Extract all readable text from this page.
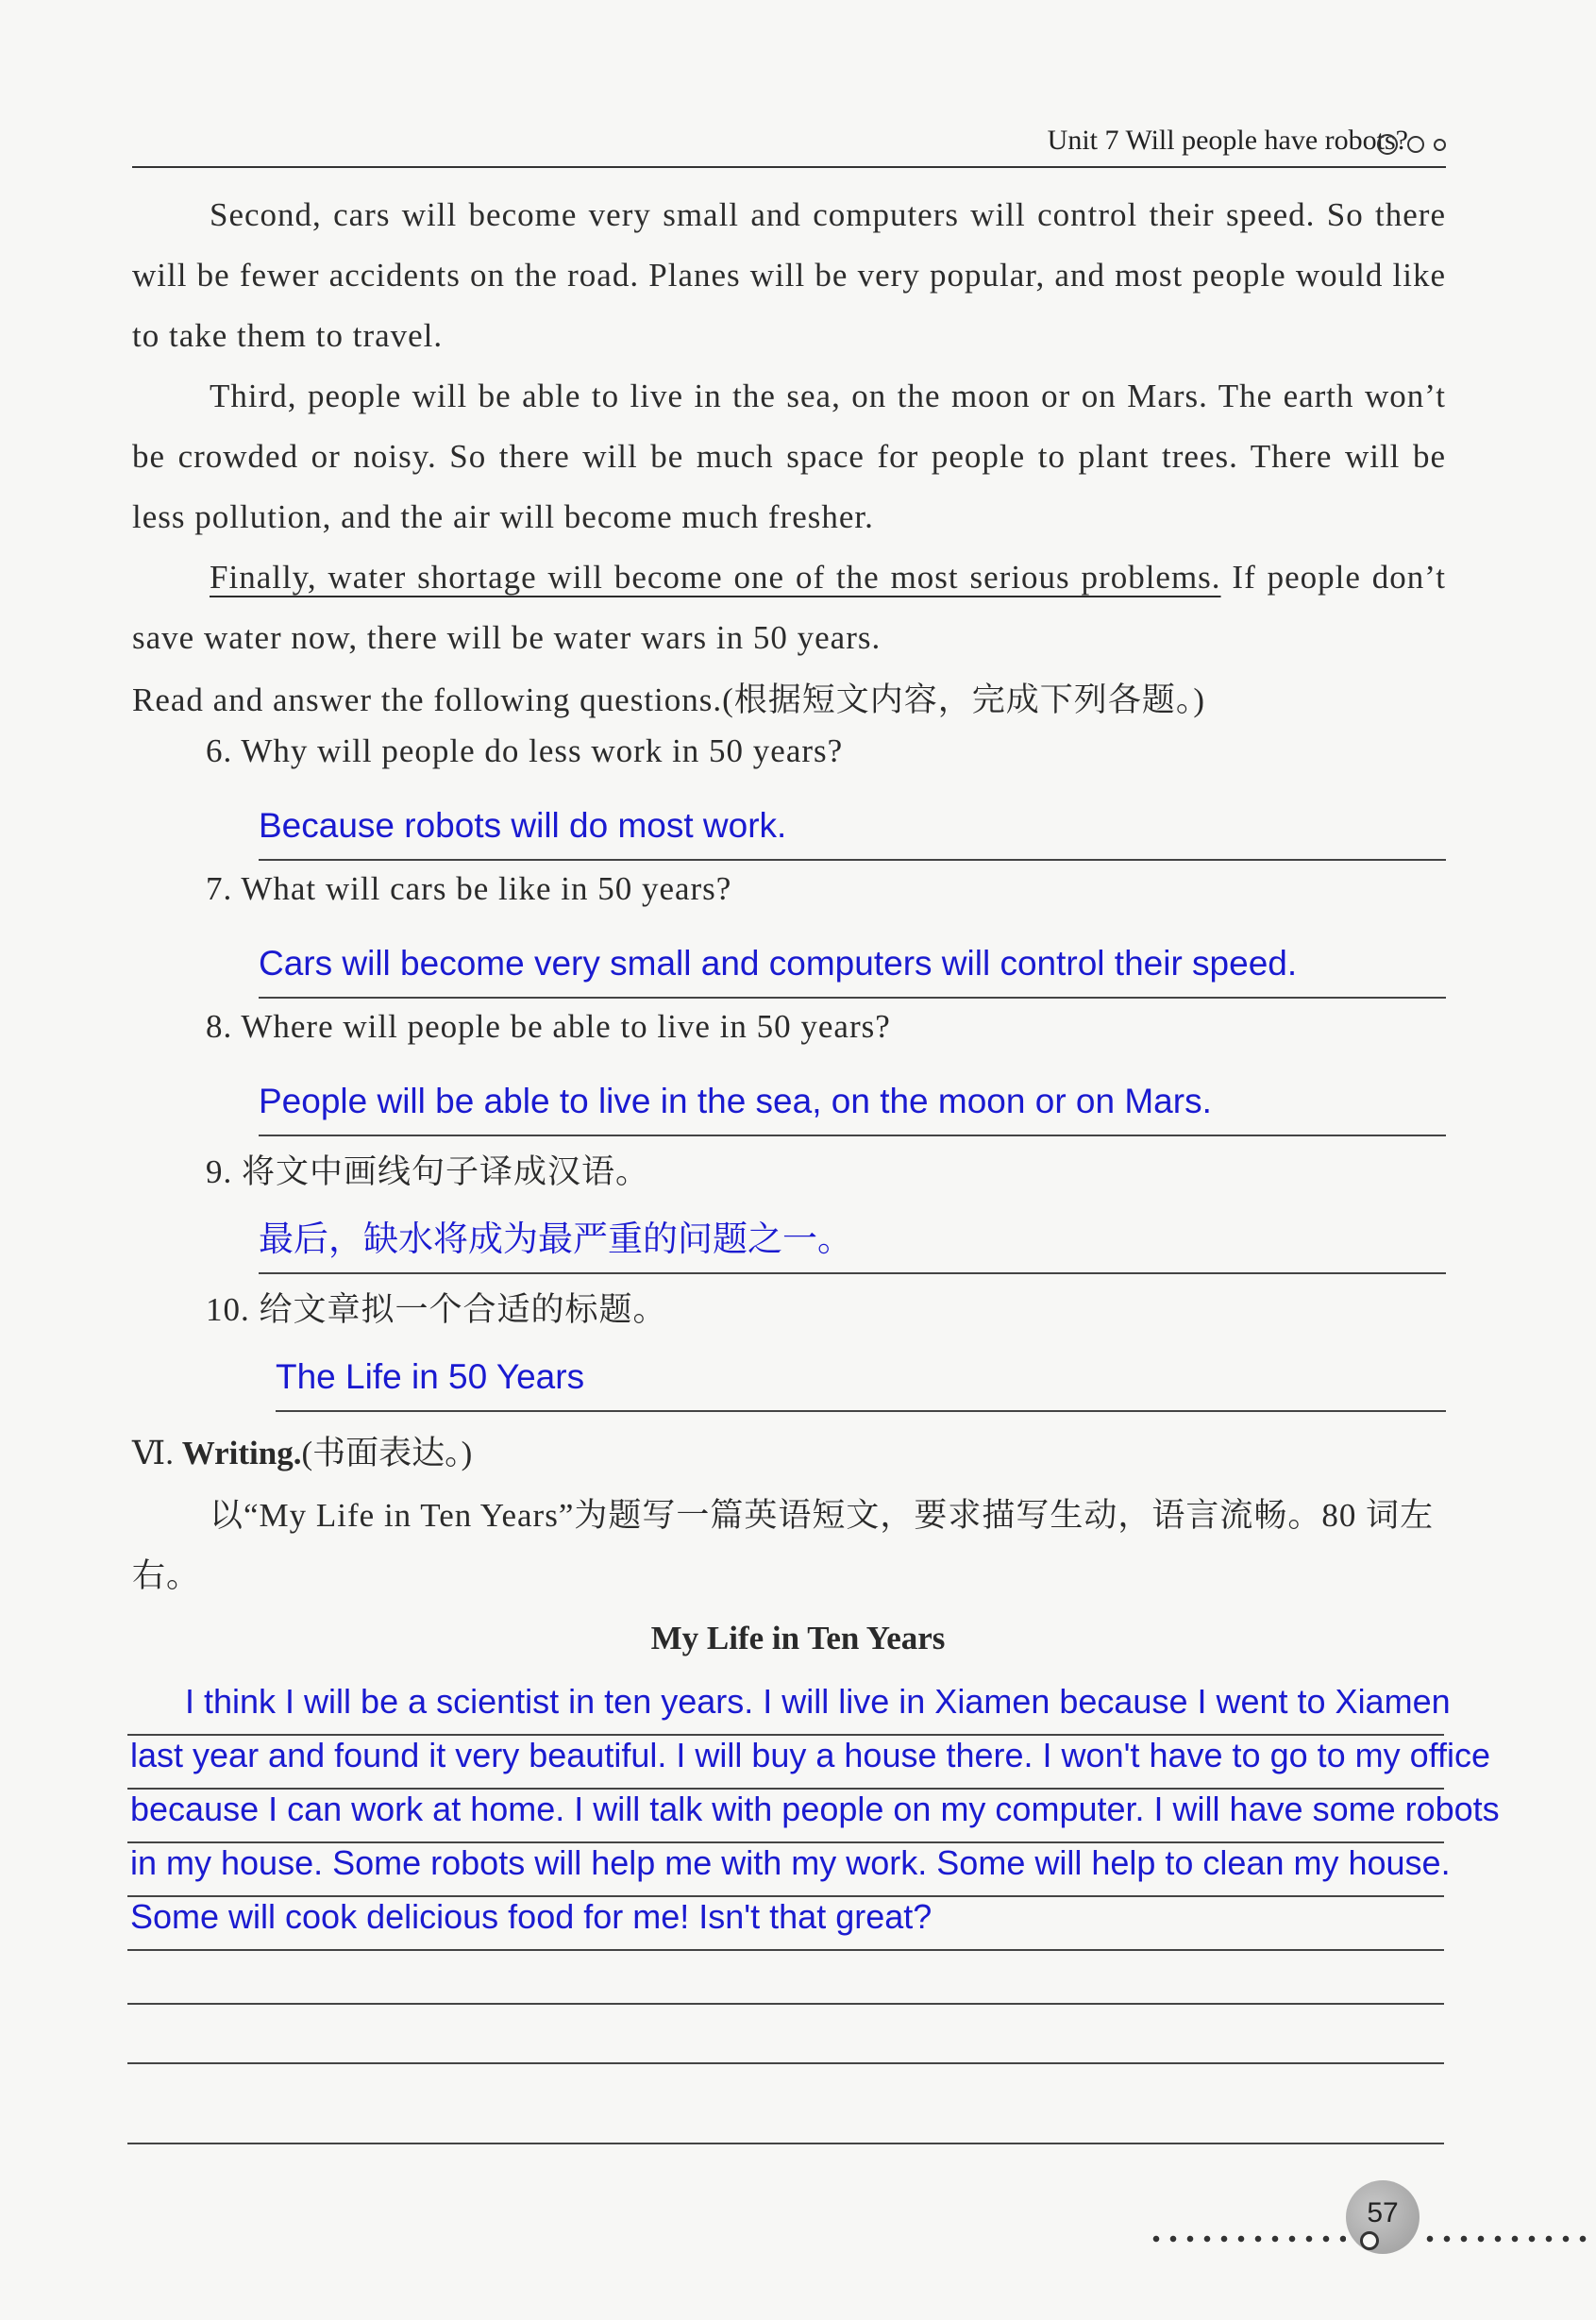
Unit 7 Will people have robots?

Second, cars will become very small and computers will control their speed. So there will be fewer accidents on the road. Planes will be very popular, and most people would like to take them to travel.

Third, people will be able to live in the sea, on the moon or on Mars. The earth won’t be crowded or noisy. So there will be much space for people to plant trees. There will be less pollution, and the air will become much fresher.

Finally, water shortage will become one of the most serious problems. If people don’t save water now, there will be water wars in 50 years.

Read and answer the following questions.(根据短文内容，完成下列各题。)
6. Why will people do less work in 50 years?
Because robots will do most work.
7. What will cars be like in 50 years?
Cars will become very small and computers will control their speed.
8. Where will people be able to live in 50 years?
People will be able to live in the sea, on the moon or on Mars.
9. 将文中画线句子译成汉语。
最后，缺水将成为最严重的问题之一。
10. 给文章拟一个合适的标题。
The Life in 50 Years
Ⅵ. Writing.(书面表达。)

以“My Life in Ten Years”为题写一篇英语短文，要求描写生动，语言流畅。80 词左右。

My Life in Ten Years
I think I will be a scientist in ten years. I will live in Xiamen because I went to Xiamen
last year and found it very beautiful. I will buy a house there. I won't have to go to my office
because I can work at home. I will talk with people on my computer. I will have some robots
in my house. Some robots will help me with my work. Some will help to clean my house.
Some will cook delicious food for me! Isn't that great?
57
